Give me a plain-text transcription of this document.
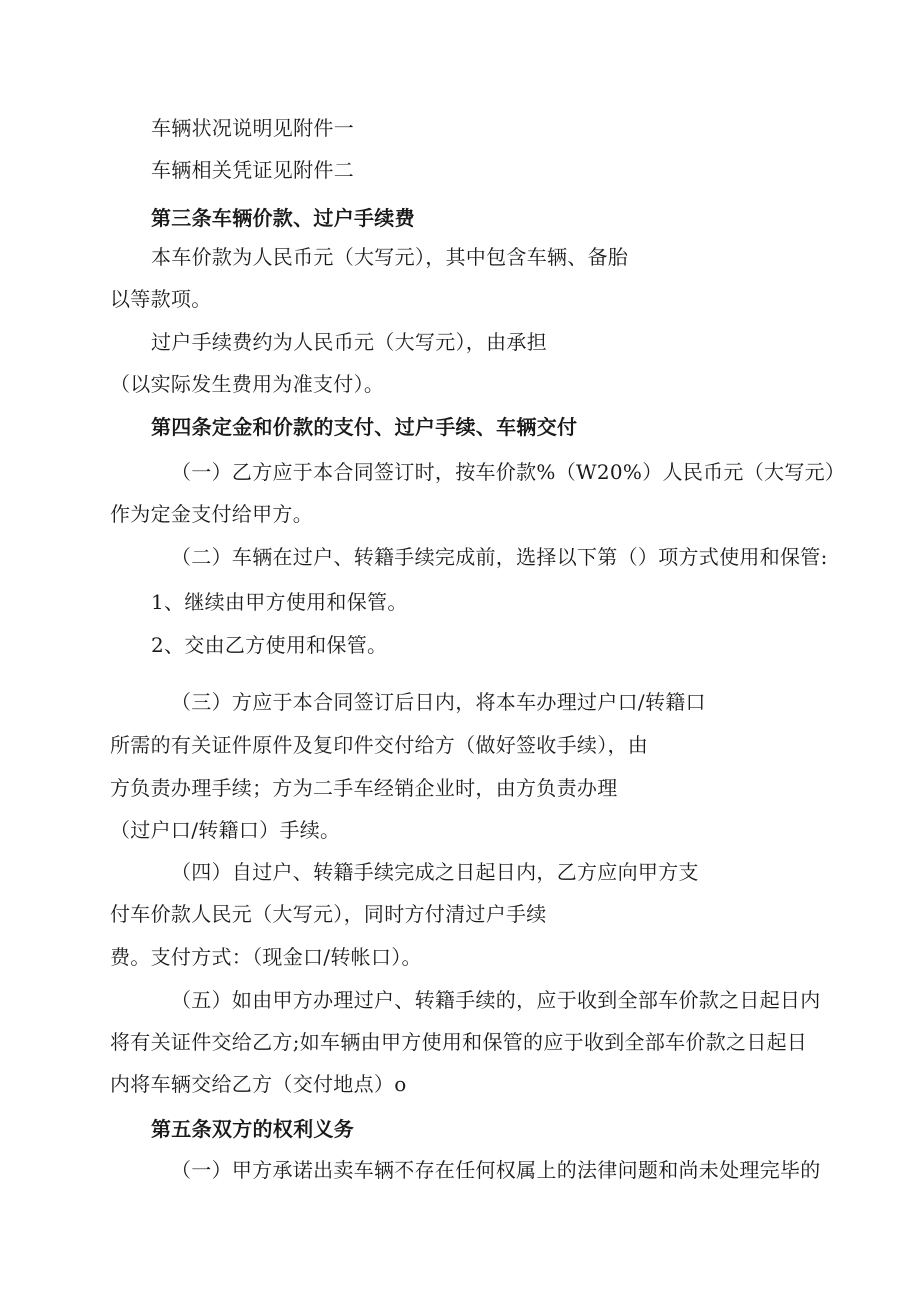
车辆状况说明见附件一
车辆相关凭证见附件二
第三条车辆价款、过户手续费
本车价款为人民币元（大写元），其中包含车辆、备胎
以等款项。
过户手续费约为人民币元（大写元），由承担
（以实际发生费用为准支付）。
第四条定金和价款的支付、过户手续、车辆交付
（一）乙方应于本合同签订时，按车价款%（W20%）人民币元（大写元）
作为定金支付给甲方。
（二）车辆在过户、转籍手续完成前，选择以下第（）项方式使用和保管:
1、继续由甲方使用和保管。
2、交由乙方使用和保管。
（三）方应于本合同签订后日内，将本车办理过户口/转籍口
所需的有关证件原件及复印件交付给方（做好签收手续），由
方负责办理手续；方为二手车经销企业时，由方负责办理
（过户口/转籍口）手续。
（四）自过户、转籍手续完成之日起日内，乙方应向甲方支
付车价款人民元（大写元），同时方付清过户手续
费。支付方式：（现金口/转帐口）。
（五）如由甲方办理过户、转籍手续的，应于收到全部车价款之日起日内
将有关证件交给乙方;如车辆由甲方使用和保管的应于收到全部车价款之日起日
内将车辆交给乙方（交付地点）o
第五条双方的权利义务
（一）甲方承诺出卖车辆不存在任何权属上的法律问题和尚未处理完毕的
